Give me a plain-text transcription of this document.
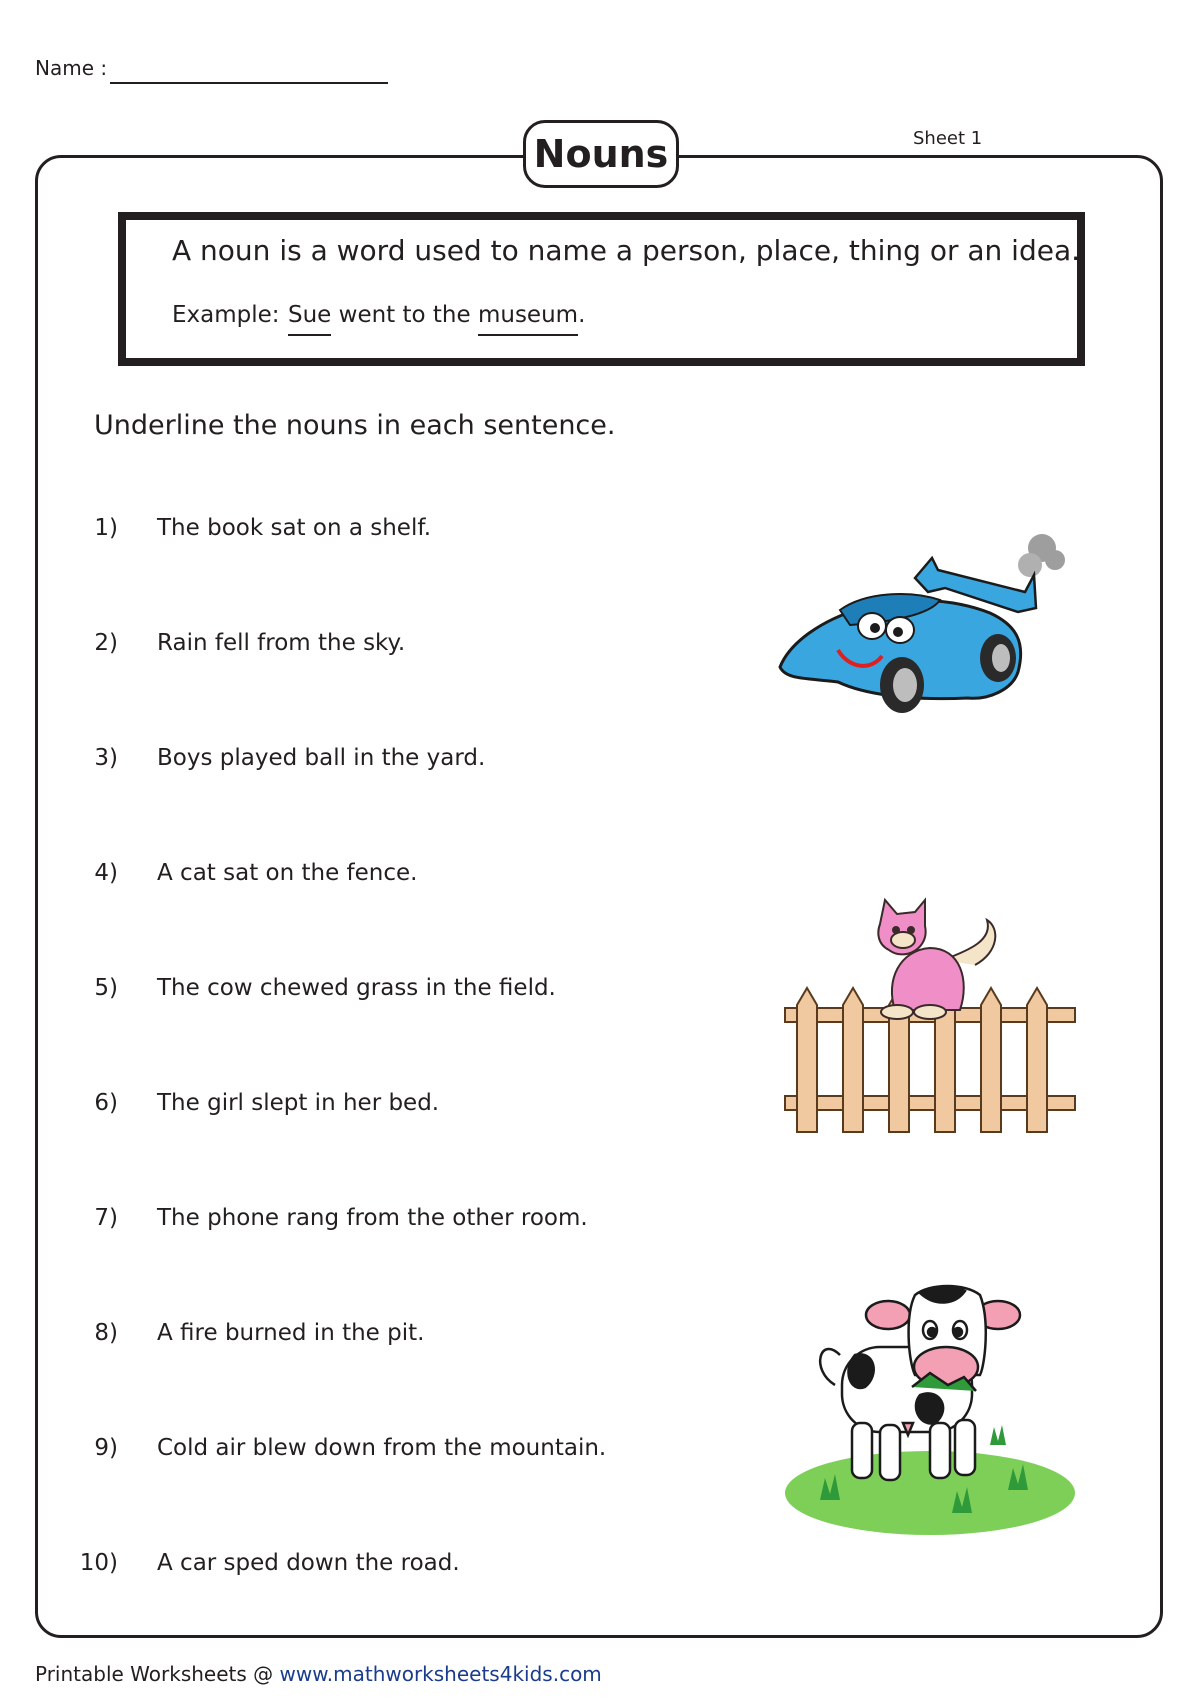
Name :
Sheet 1
Nouns
A noun is a word used to name a person, place, thing or an idea.
Example: Sue went to the museum.
Underline the nouns in each sentence.
1) The book sat on a shelf.
2) Rain fell from the sky.
3) Boys played ball in the yard.
4) A cat sat on the fence.
5) The cow chewed grass in the field.
6) The girl slept in her bed.
7) The phone rang from the other room.
8) A fire burned in the pit.
9) Cold air blew down from the mountain.
10) A car sped down the road.
Printable Worksheets @ www.mathworksheets4kids.com
